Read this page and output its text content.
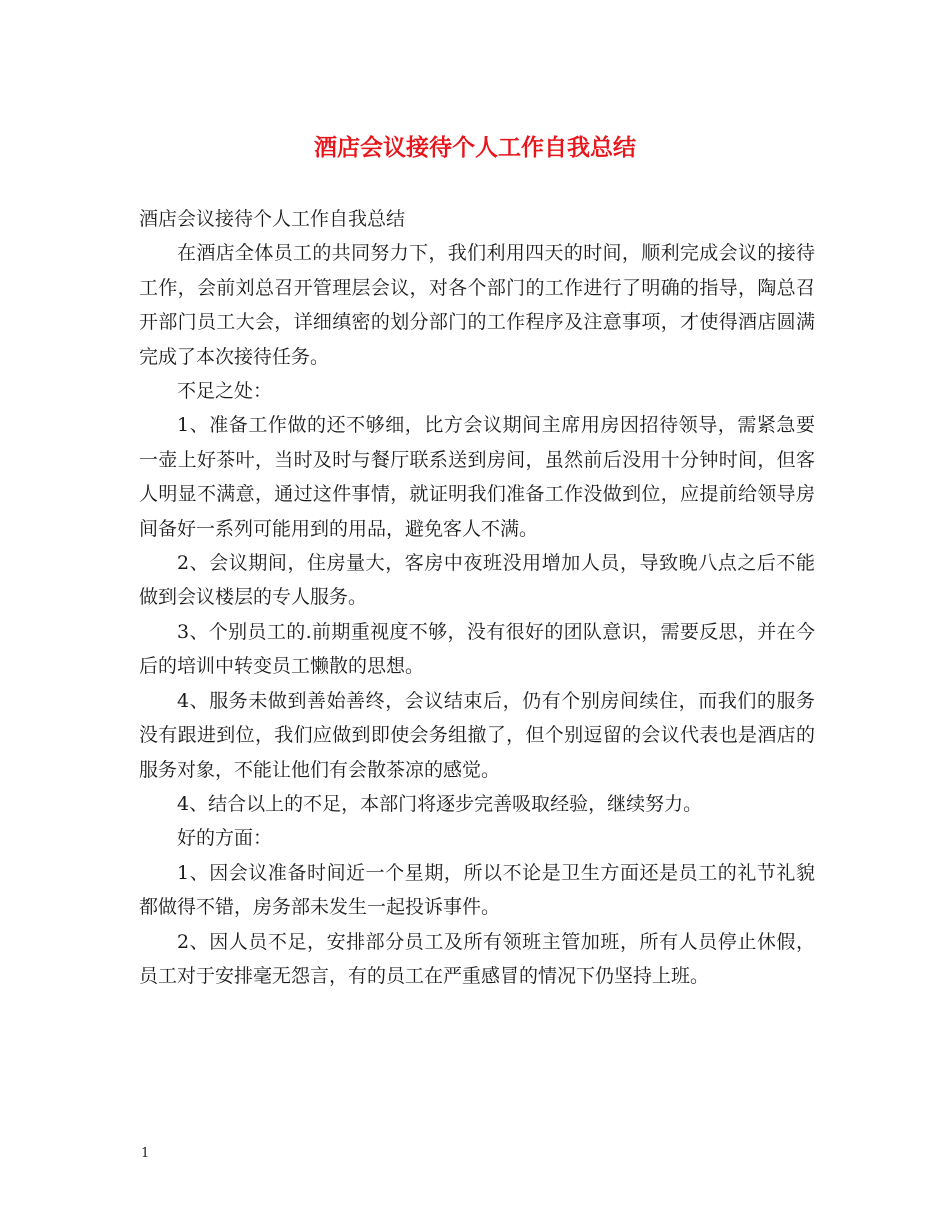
酒店会议接待个人工作自我总结

酒店会议接待个人工作自我总结

在酒店全体员工的共同努力下，我们利用四天的时间，顺利完成会议的接待工作，会前刘总召开管理层会议，对各个部门的工作进行了明确的指导，陶总召开部门员工大会，详细缜密的划分部门的工作程序及注意事项，才使得酒店圆满完成了本次接待任务。

不足之处：

1、准备工作做的还不够细，比方会议期间主席用房因招待领导，需紧急要一壶上好茶叶，当时及时与餐厅联系送到房间，虽然前后没用十分钟时间，但客人明显不满意，通过这件事情，就证明我们准备工作没做到位，应提前给领导房间备好一系列可能用到的用品，避免客人不满。

2、会议期间，住房量大，客房中夜班没用增加人员，导致晚八点之后不能做到会议楼层的专人服务。

3、个别员工的.前期重视度不够，没有很好的团队意识，需要反思，并在今后的培训中转变员工懒散的思想。

4、服务未做到善始善终，会议结束后，仍有个别房间续住，而我们的服务没有跟进到位，我们应做到即使会务组撤了，但个别逗留的会议代表也是酒店的服务对象，不能让他们有会散茶凉的感觉。

4、结合以上的不足，本部门将逐步完善吸取经验，继续努力。

好的方面：

1、因会议准备时间近一个星期，所以不论是卫生方面还是员工的礼节礼貌都做得不错，房务部未发生一起投诉事件。

2、因人员不足，安排部分员工及所有领班主管加班，所有人员停止休假，员工对于安排毫无怨言，有的员工在严重感冒的情况下仍坚持上班。

1
